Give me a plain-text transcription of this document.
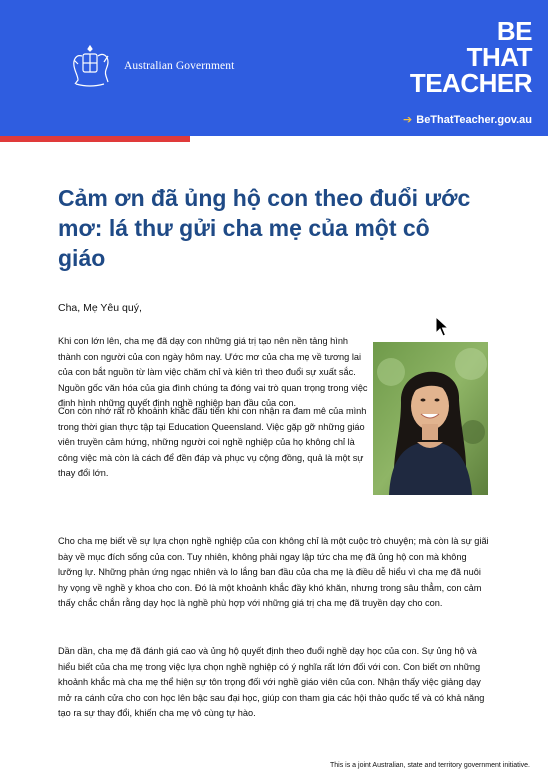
Australian Government
BE
THAT
TEACHER
➔ BeThatTeacher.gov.au
Cảm ơn đã ủng hộ con theo đuổi ước mơ: lá thư gửi cha mẹ của một cô giáo

Cha, Mẹ Yêu quý,

Khi con lớn lên, cha mẹ đã dạy con những giá trị tạo nên nền tảng hình thành con người của con ngày hôm nay. Ước mơ của cha mẹ về tương lai của con bắt nguồn từ làm việc chăm chỉ và kiên trì theo đuổi sự xuất sắc. Nguồn gốc văn hóa của gia đình chúng ta đóng vai trò quan trọng trong việc định hình những quyết định nghề nghiệp ban đầu của con.

Con còn nhớ rất rõ khoảnh khắc đầu tiên khi con nhận ra đam mê của mình trong thời gian thực tập tại Education Queensland. Việc gặp gỡ những giáo viên truyền cảm hứng, những người coi nghề nghiệp của họ không chỉ là công việc mà còn là cách để đền đáp và phục vụ cộng đồng, quả là một sự thay đổi lớn.

Cho cha mẹ biết về sự lựa chọn nghề nghiệp của con không chỉ là một cuộc trò chuyện; mà còn là sự giãi bày về mục đích sống của con. Tuy nhiên, không phải ngay lập tức cha mẹ đã ủng hộ con mà không lưỡng lự. Những phản ứng ngạc nhiên và lo lắng ban đầu của cha mẹ là điều dễ hiểu vì cha mẹ đã nuôi hy vọng về nghề y khoa cho con. Đó là một khoảnh khắc đầy khó khăn, nhưng trong sâu thẳm, con cảm thấy chắc chắn rằng dạy học là nghề phù hợp với những giá trị cha mẹ đã truyền dạy cho con.

Dần dần, cha mẹ đã đánh giá cao và ủng hộ quyết định theo đuổi nghề dạy học của con. Sự ủng hộ và hiểu biết của cha mẹ trong việc lựa chọn nghề nghiệp có ý nghĩa rất lớn đối với con. Con biết ơn những khoảnh khắc mà cha mẹ thể hiện sự tôn trọng đối với nghề giáo viên của con. Nhận thấy việc giảng dạy mở ra cánh cửa cho con học lên bậc sau đại học, giúp con tham gia các hội thảo quốc tế và có khả năng tạo ra sự thay đổi, khiến cha mẹ vô cùng tự hào.

This is a joint Australian, state and territory government initiative.
